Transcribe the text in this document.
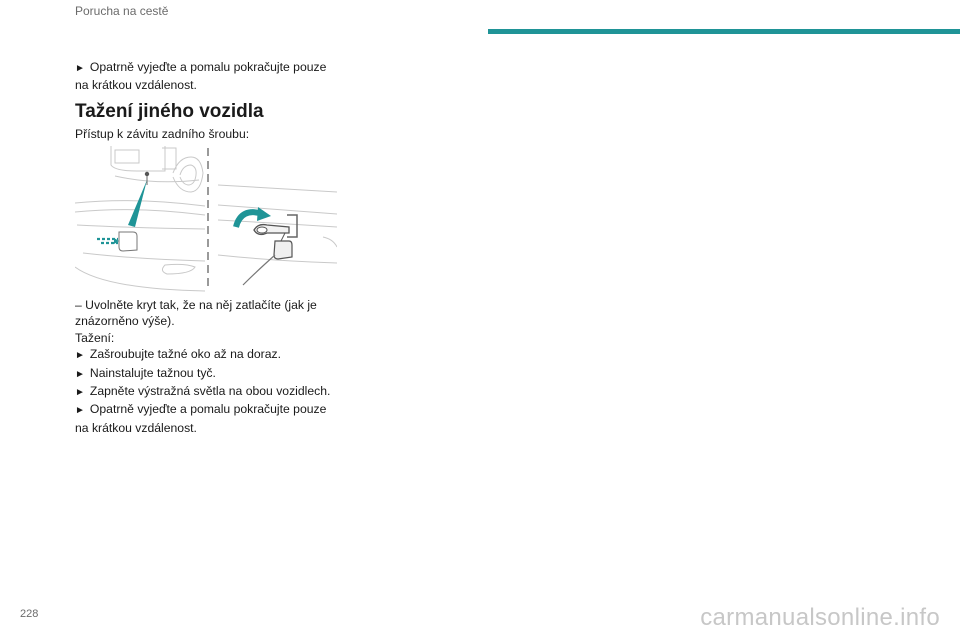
Porucha na cestě

► Opatrně vyjeďte a pomalu pokračujte pouze na krátkou vzdálenost.

Tažení jiného vozidla

Přístup k závitu zadního šroubu:

– Uvolněte kryt tak, že na něj zatlačíte (jak je znázorněno výše).

Tažení:

► Zašroubujte tažné oko až na doraz.

► Nainstalujte tažnou tyč.

► Zapněte výstražná světla na obou vozidlech.

► Opatrně vyjeďte a pomalu pokračujte pouze na krátkou vzdálenost.

228	carmanualsonline.info
